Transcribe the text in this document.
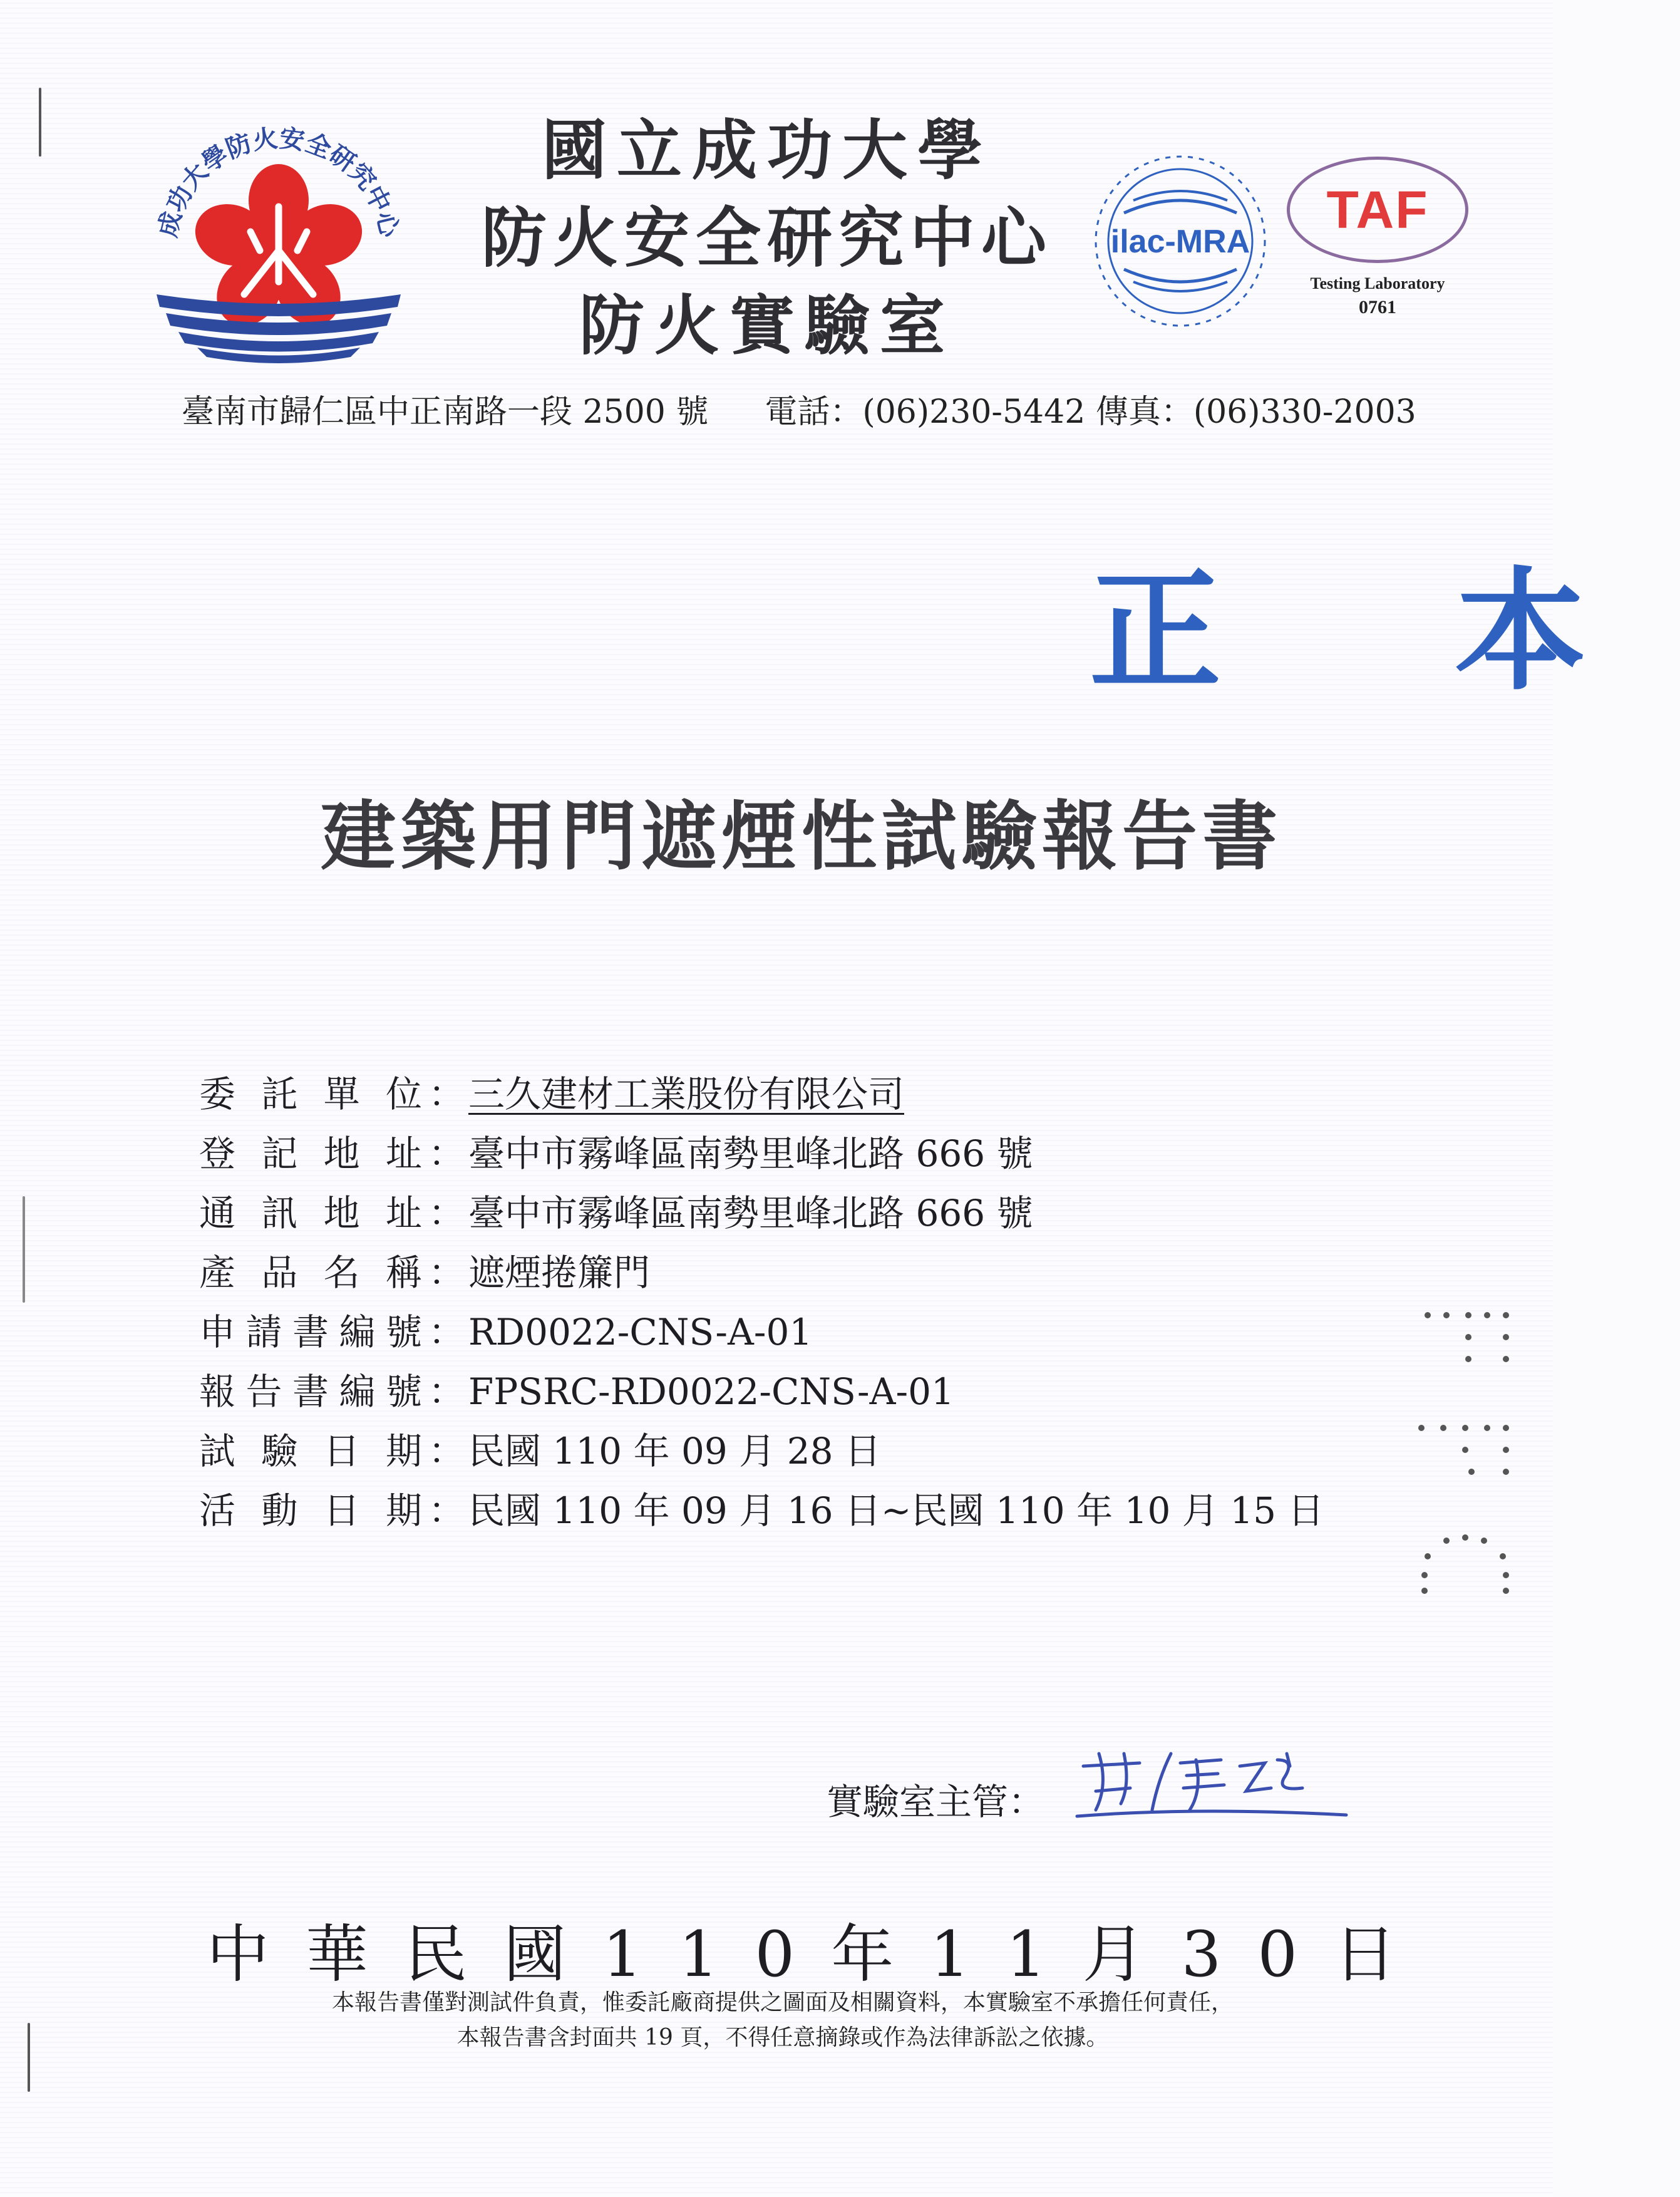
成功大學防火安全研究中心
國立成功大學
防火安全研究中心
防火實驗室
ilac-MRA
TAF
Testing Laboratory
0761
臺南市歸仁區中正南路一段 2500 號 電話：(06)230-5442 傳真：(06)330-2003
正 本
建築用門遮煙性試驗報告書
委託單位 ： 三久建材工業股份有限公司
登記地址 ： 臺中市霧峰區南勢里峰北路 666 號
通訊地址 ： 臺中市霧峰區南勢里峰北路 666 號
產品名稱 ： 遮煙捲簾門
申請書編號 ： RD0022-CNS-A-01
報告書編號 ： FPSRC-RD0022-CNS-A-01
試驗日期 ： 民國 110 年 09 月 28 日
活動日期 ： 民國 110 年 09 月 16 日~民國 110 年 10 月 15 日
實驗室主管：
中 華 民 國 1 1 0 年 1 1 月 3 0 日
本報告書僅對測試件負責，惟委託廠商提供之圖面及相關資料，本實驗室不承擔任何責任，
本報告書含封面共 19 頁，不得任意摘錄或作為法律訴訟之依據。
